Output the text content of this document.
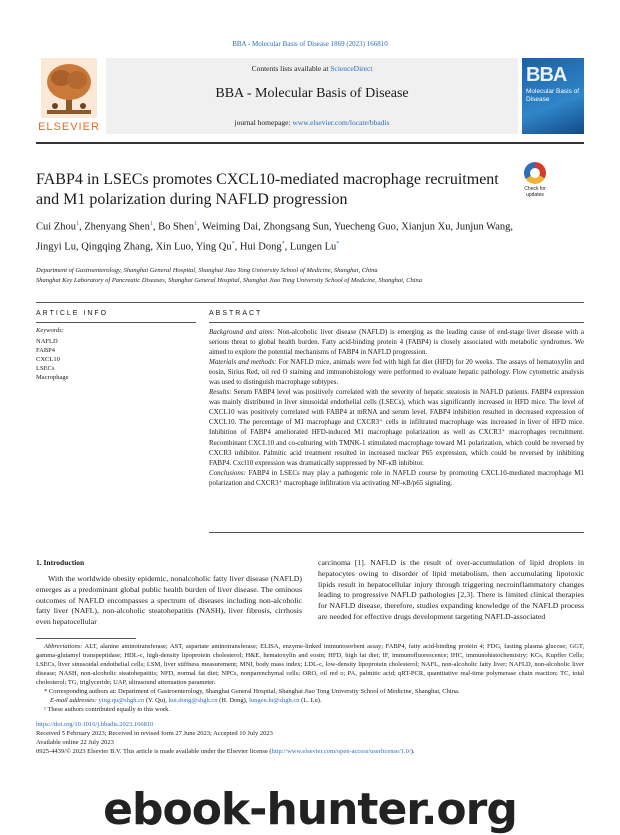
BBA - Molecular Basis of Disease 1869 (2023) 166810
ELSEVIER
Contents lists available at ScienceDirect
BBA - Molecular Basis of Disease
journal homepage: www.elsevier.com/locate/bbadis
BBA
Molecular Basis of Disease
FABP4 in LSECs promotes CXCL10-mediated macrophage recruitment and M1 polarization during NAFLD progression
Check for updates
Cui Zhou$^1$, Zhenyang Shen$^1$, Bo Shen$^1$, Weiming Dai, Zhongsang Sun, Yuecheng Guo, Xianjun Xu, Junjun Wang, Jingyi Lu, Qingqing Zhang, Xin Luo, Ying Qu*, Hui Dong*, Lungen Lu*
Department of Gastroenterology, Shanghai General Hospital, Shanghai Jiao Tong University School of Medicine, Shanghai, China
Shanghai Key Laboratory of Pancreatic Diseases, Shanghai General Hospital, Shanghai Jiao Tong University School of Medicine, Shanghai, China
ARTICLE INFO	ABSTRACT
Keywords:
NAFLD
FABP4
CXCL10
LSECs
Macrophage

Background and aims: Non-alcoholic liver disease (NAFLD) is emerging as the leading cause of end-stage liver disease with a serious threat to global health burden. Fatty acid-binding protein 4 (FABP4) is closely associated with metabolic syndromes. We aimed to explore the potential mechanisms of FABP4 in NAFLD progression.

Materials and methods: For NAFLD mice, animals were fed with high fat diet (HFD) for 20 weeks. The assays of hematoxylin and eosin, Sirius Red, oil red O staining and immunohistology were performed to evaluate hepatic pathology. Flow cytometric analysis was used to distinguish macrophage subtypes.

Results: Serum FABP4 level was positively correlated with the severity of hepatic steatosis in NAFLD patients. FABP4 expression was mainly distributed in liver sinusoidal endothelial cells (LSECs), which was significantly increased in HFD mice. The level of CXCL10 was positively correlated with FABP4 at mRNA and serum level. FABP4 inhibition resulted in decreased expression of CXCL10. The percentage of M1 macrophage and CXCR3⁺ cells in infiltrated macrophage was increased in liver of HFD mice. Inhibition of FABP4 ameliorated HFD-induced M1 macrophage polarization as well as CXCR3⁺ macrophages recruitment. Recombinant CXCL10 and co-culturing with TMNK-1 stimulated macrophage toward M1 polarization, which could be reversed by CXCR3 inhibitor. Palmitic acid treatment resulted in increased nuclear P65 expression, which could be reversed by inhibiting FABP4. Cxcl10 expression was dramatically suppressed by NF-κB inhibitor.

Conclusions: FABP4 in LSECs may play a pathogenic role in NAFLD course by promoting CXCL10-mediated macrophage M1 polarization and CXCR3⁺ macrophage infiltration via activating NF-κB/p65 signaling.

1. Introduction

With the worldwide obesity epidemic, nonalcoholic fatty liver disease (NAFLD) emerges as a predominant global public health burden of liver disease. The ominous outcomes of NAFLD encompasses a spectrum of diseases including non-alcoholic fatty liver (NAFL), non-alcoholic steatohepatitis (NASH), liver fibrosis, cirrhosis even hepatocellular

carcinoma [1]. NAFLD is the result of over-accumulation of lipid droplets in hepatocytes owing to disorder of lipid metabolism, then accumulating lipotoxic lipids result in hepatocellular injury through triggering necroinflammatory changes leading to progressive NAFLD pathologies [2,3]. There is limited clinical therapies for NAFLD disease, therefore, studies expanding knowledge of the NAFLD process are needed for effective drugs development targeting NAFLD-associated

Abbreviations: ALT, alanine aminotransferase; AST, aspartate aminotransferase; ELISA, enzyme-linked immunosorbent assay; FABP4, fatty acid-binding protein 4; FDG, fasting plasma glucose; GGT, gamma-glutamyl transpeptidase; HDL-c, high-density lipoprotein cholesterol; H&E, hematoxylin and eosin; HFD, high fat diet; IF, immunofluorescence; IHC, immunohistochemistry; KCs, Kupffer Cells; LSECs, liver sinusoidal endothelial cells; LSM, liver stiffness measurement; MNI, body mass index; LDL-c, low-density lipoprotein cholesterol; NAFL, non-alcoholic fatty liver; NAFLD, non-alcoholic liver disease; NASH, non-alcoholic steatohepatitis; NFD, normal fat diet; NPCs, nonparenchymal cells; ORO, oil red o; PA, palmitic acid; qRT-PCR, quantitative real-time polymerase chain reaction; TC, total cholesterol; TG, triglyceride; UAP, ultrasound attenuation parameter.

* Corresponding authors at: Department of Gastroenterology, Shanghai General Hospital, Shanghai Jiao Tong University School of Medicine, Shanghai, China.

E-mail addresses: ying.qu@shgh.cn (Y. Qu), hui.dong@shgh.cn (H. Dong), lungen.lu@shgh.cn (L. Lu).

¹ These authors contributed equally to this work.

https://doi.org/10.1016/j.bbadis.2023.166810

Received 5 February 2023; Received in revised form 27 June 2023; Accepted 10 July 2023

Available online 22 July 2023

0925-4439/© 2023 Elsevier B.V. This article is made available under the Elsevier license (http://www.elsevier.com/open-access/userlicense/1.0/).

ebook-hunter.org
